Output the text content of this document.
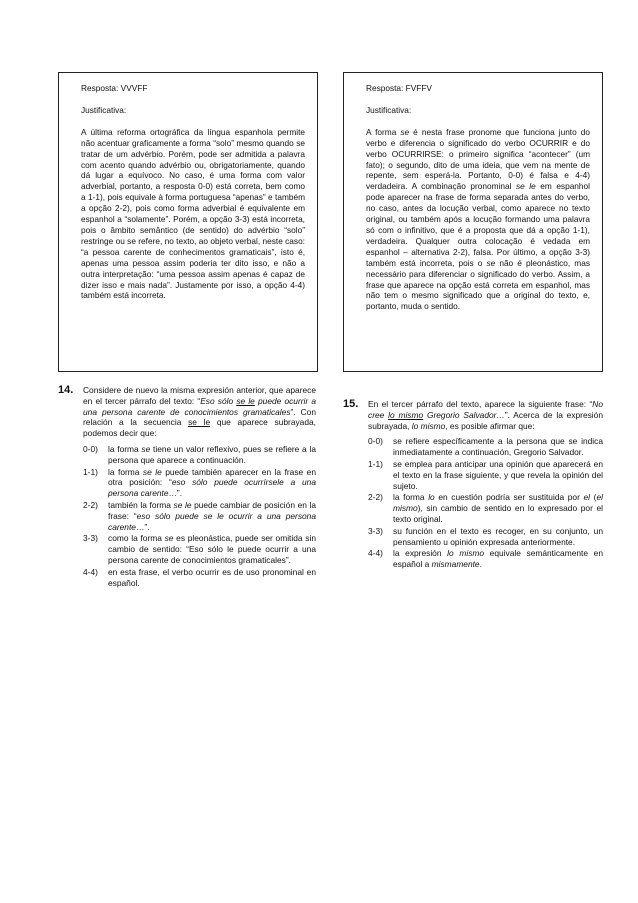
Resposta: VVVFF

Justificativa:

A última reforma ortográfica da língua espanhola permite não acentuar graficamente a forma “solo” mesmo quando se tratar de um advérbio. Porém, pode ser admitida a palavra com acento quando advérbio ou, obrigatoriamente, quando dá lugar a equívoco. No caso, é uma forma com valor adverbial, portanto, a resposta 0-0) está correta, bem como a 1-1), pois equivale à forma portuguesa “apenas” e também a opção 2-2), pois como forma adverbial é equivalente em espanhol a “solamente”. Porém, a opção 3-3) está incorreta, pois o âmbito semântico (de sentido) do advérbio “solo” restringe ou se refere, no texto, ao objeto verbal, neste caso: “a pessoa carente de conhecimentos gramaticais”, isto é, apenas uma pessoa assim poderia ter dito isso, e não a outra interpretação: “uma pessoa assim apenas é capaz de dizer isso e mais nada”. Justamente por isso, a opção 4-4) também está incorreta.

Resposta: FVFFV

Justificativa:

A forma se é nesta frase pronome que funciona junto do verbo e diferencia o significado do verbo OCURRIR e do verbo OCURRIRSE: o primeiro significa “acontecer” (um fato); o segundo, dito de uma ideia, que vem na mente de repente, sem esperá-la. Portanto, 0-0) é falsa e 4-4) verdadeira. A combinação pronominal se le em espanhol pode aparecer na frase de forma separada antes do verbo, no caso, antes da locução verbal, como aparece no texto original, ou também após a locução formando uma palavra só com o infinitivo, que é a proposta que dá a opção 1-1), verdadeira. Qualquer outra colocação é vedada em espanhol – alternativa 2-2), falsa. Por último, a opção 3-3) também está incorreta, pois o se não é pleonástico, mas necessário para diferenciar o significado do verbo. Assim, a frase que aparece na opção está correta em espanhol, mas não tem o mesmo significado que a original do texto, e, portanto, muda o sentido.

14. Considere de nuevo la misma expresión anterior, que aparece en el tercer párrafo del texto: “Eso sólo se le puede ocurrir a una persona carente de conocimientos gramaticales”. Con relación a la secuencia se le que aparece subrayada, podemos decir que:
0-0) la forma se tiene un valor reflexivo, pues se refiere a la persona que aparece a continuación.
1-1) la forma se le puede también aparecer en la frase en otra posición: “eso sólo puede ocurrírsele a una persona carente…”.
2-2) también la forma se le puede cambiar de posición en la frase: “eso sólo puede se le ocurrir a una persona carente…”.
3-3) como la forma se es pleonástica, puede ser omitida sin cambio de sentido: “Eso sólo le puede ocurrir a una persona carente de conocimientos gramaticales”.
4-4) en esta frase, el verbo ocurrir es de uso pronominal en español.
15. En el tercer párrafo del texto, aparece la siguiente frase: “No cree lo mismo Gregorio Salvador…”. Acerca de la expresión subrayada, lo mismo, es posible afirmar que:
0-0) se refiere específicamente a la persona que se indica inmediatamente a continuación, Gregorio Salvador.
1-1) se emplea para anticipar una opinión que aparecerá en el texto en la frase siguiente, y que revela la opinión del sujeto.
2-2) la forma lo en cuestión podría ser sustituida por el (el mismo), sin cambio de sentido en lo expresado por el texto original.
3-3) su función en el texto es recoger, en su conjunto, un pensamiento u opinión expresada anteriormente.
4-4) la expresión lo mismo equivale semánticamente en español a mismamente.
